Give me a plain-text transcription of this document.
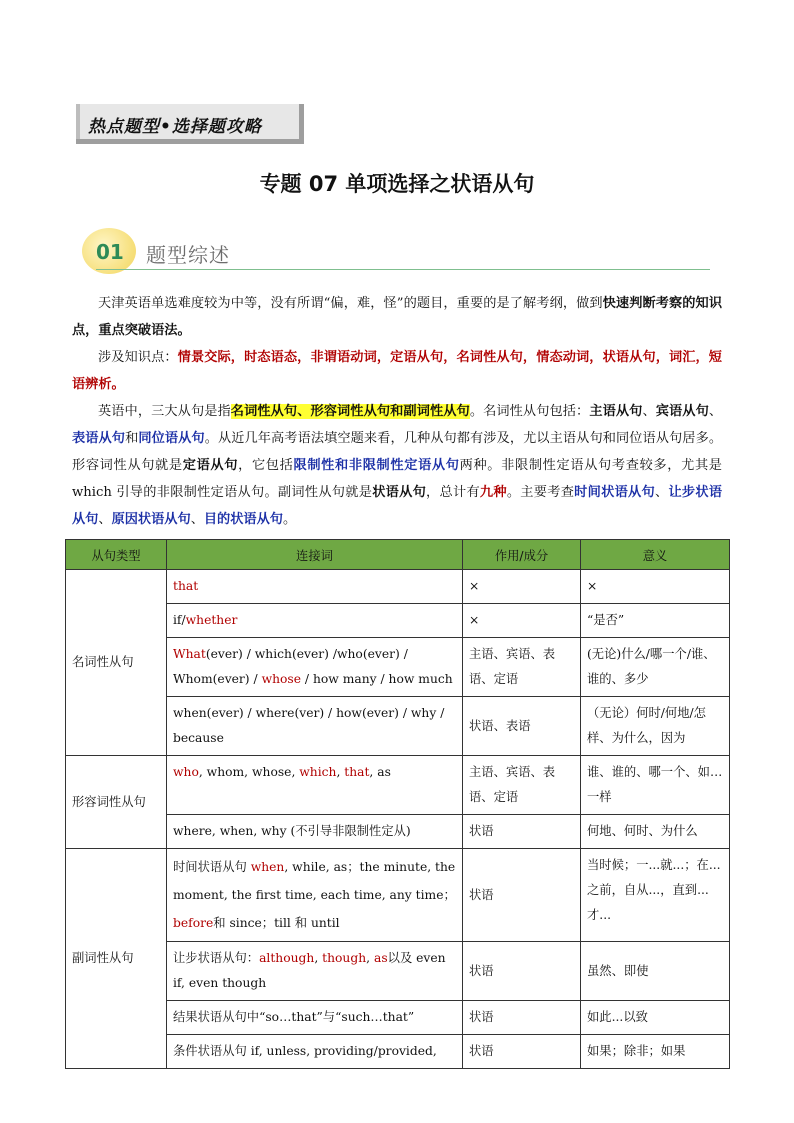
热点题型•选择题攻略
专题 07 单项选择之状语从句
01 题型综述
天津英语单选难度较为中等，没有所谓“偏，难，怪”的题目，重要的是了解考纲，做到快速判断考察的知识点，重点突破语法。
涉及知识点：情景交际，时态语态，非谓语动词，定语从句，名词性从句，情态动词，状语从句，词汇，短语辨析。
英语中，三大从句是指名词性从句、形容词性从句和副词性从句。名词性从句包括：主语从句、宾语从句、表语从句和同位语从句。从近几年高考语法填空题来看，几种从句都有涉及，尤以主语从句和同位语从句居多。形容词性从句就是定语从句，它包括限制性和非限制性定语从句两种。非限制性定语从句考查较多，尤其是 which 引导的非限制性定语从句。副词性从句就是状语从句，总计有九种。主要考查时间状语从句、让步状语从句、原因状语从句、目的状语从句。
从句类型	连接词	作用/成分	意义
名词性从句	that	×	×
	if/whether	×	“是否”
	What(ever) / which(ever) /who(ever) / Whom(ever) / whose / how many / how much	主语、宾语、表语、定语	(无论)什么/哪一个/谁、谁的、多少
	when(ever) / where(ver) / how(ever) / why / because	状语、表语	（无论）何时/何地/怎样、为什么，因为
形容词性从句	who, whom, whose, which, that, as	主语、宾语、表语、定语	谁、谁的、哪一个、如…一样
	where, when, why (不引导非限制性定从)	状语	何地、何时、为什么
副词性从句	时间状语从句 when, while, as；the minute, the moment, the first time, each time, any time；before和 since；till 和 until	状语	当时候；一...就...；在...之前，自从...，直到...才...
	让步状语从句：although, though, as以及 even if, even though	状语	虽然、即使
	结果状语从句中“so…that”与“such…that”	状语	如此...以致
	条件状语从句 if, unless, providing/provided,	状语	如果；除非；如果
